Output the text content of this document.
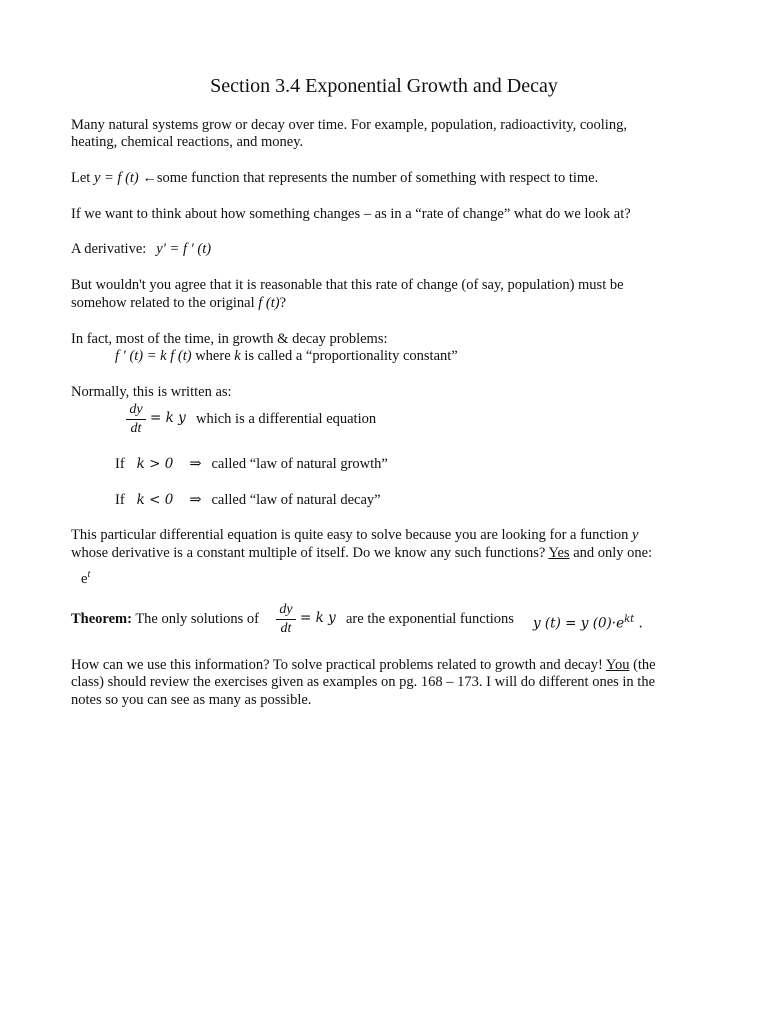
Section 3.4 Exponential Growth and Decay
Many natural systems grow or decay over time. For example, population, radioactivity, cooling,
heating, chemical reactions, and money.
Let y = f (t) ←some function that represents the number of something with respect to time.
If we want to think about how something changes – as in a “rate of change” what do we look at?
A derivative: y′ = f ′ (t)
But wouldn't you agree that it is reasonable that this rate of change (of say, population) must be
somehow related to the original f (t)?
In fact, most of the time, in growth & decay problems:
f ′ (t) = k f (t) where k is called a “proportionality constant”
Normally, this is written as:
dy
dt
= k y which is a differential equation
If k > 0 ⇒ called “law of natural growth”
If k < 0 ⇒ called “law of natural decay”
This particular differential equation is quite easy to solve because you are looking for a function y
whose derivative is a constant multiple of itself. Do we know any such functions? Yes and only one:
$e^t$
Theorem: The only solutions of
dy
dt
= k y are the exponential functions y (t) = y $(0)\cdot e^{kt}$ .
How can we use this information? To solve practical problems related to growth and decay! You (the
class) should review the exercises given as examples on pg. 168 – 173. I will do different ones in the
notes so you can see as many as possible.
